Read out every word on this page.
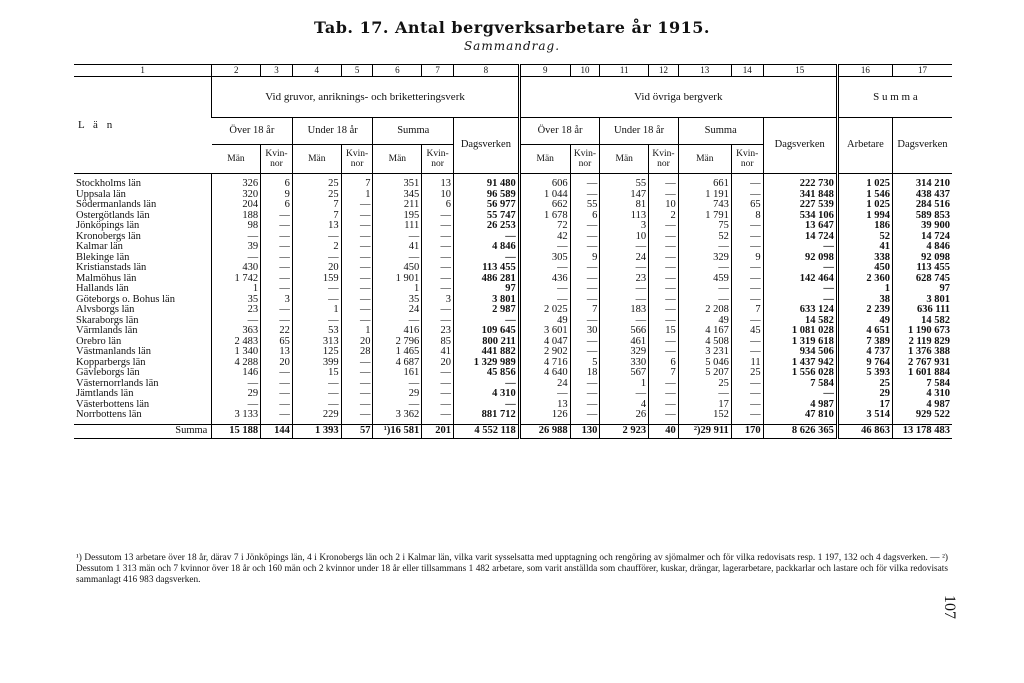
Tab. 17. Antal bergverksarbetare år 1915.
Sammandrag.
1	2	3	4	5	6	7	8	9	10	11	12	13	14	15	16	17
L ä n	Vid gruvor, anriknings- och briketteringsverk							Vid övriga bergverk							S u m m a	
	Över 18 år		Under 18 år		Summa		Dagsverken	Över 18 år		Under 18 år		Summa		Dagsverken	Arbetare	Dagsverken
	Män	Kvin-nor	Män	Kvin-nor	Män	Kvin-nor		Män	Kvin-nor	Män	Kvin-nor	Män	Kvin-nor			
Stockholms län	326	6	25	7	351	13	91 480	606	—	55	—	661	—	222 730	1 025	314 210
Uppsala län	320	9	25	1	345	10	96 589	1 044	—	147	—	1 191	—	341 848	1 546	438 437
Södermanlands län	204	6	7	—	211	6	56 977	662	55	81	10	743	65	227 539	1 025	284 516
Östergötlands län	188	—	7	—	195	—	55 747	1 678	6	113	2	1 791	8	534 106	1 994	589 853
Jönköpings län	98	—	13	—	111	—	26 253	72	—	3	—	75	—	13 647	186	39 900
Kronobergs län	—	—	—	—	—	—	—	42	—	10	—	52	—	14 724	52	14 724
Kalmar län	39	—	2	—	41	—	4 846	—	—	—	—	—	—	—	41	4 846
Blekinge län	—	—	—	—	—	—	—	305	9	24	—	329	9	92 098	338	92 098
Kristianstads län	430	—	20	—	450	—	113 455	—	—	—	—	—	—	—	450	113 455
Malmöhus län	1 742	—	159	—	1 901	—	486 281	436	—	23	—	459	—	142 464	2 360	628 745
Hallands län	1	—	—	—	1	—	97	—	—	—	—	—	—	—	1	97
Göteborgs o. Bohus län	35	3	—	—	35	3	3 801	—	—	—	—	—	—	—	38	3 801
Älvsborgs län	23	—	1	—	24	—	2 987	2 025	7	183	—	2 208	7	633 124	2 239	636 111
Skaraborgs län	—	—	—	—	—	—	—	49	—	—	—	49	—	14 582	49	14 582
Värmlands län	363	22	53	1	416	23	109 645	3 601	30	566	15	4 167	45	1 081 028	4 651	1 190 673
Örebro län	2 483	65	313	20	2 796	85	800 211	4 047	—	461	—	4 508	—	1 319 618	7 389	2 119 829
Västmanlands län	1 340	13	125	28	1 465	41	441 882	2 902	—	329	—	3 231	—	934 506	4 737	1 376 388
Kopparbergs län	4 288	20	399	—	4 687	20	1 329 989	4 716	5	330	6	5 046	11	1 437 942	9 764	2 767 931
Gävleborgs län	146	—	15	—	161	—	45 856	4 640	18	567	7	5 207	25	1 556 028	5 393	1 601 884
Västernorrlands län	—	—	—	—	—	—	—	24	—	1	—	25	—	7 584	25	7 584
Jämtlands län	29	—	—	—	29	—	4 310	—	—	—	—	—	—	—	29	4 310
Västerbottens län	—	—	—	—	—	—	—	13	—	4	—	17	—	4 987	17	4 987
Norrbottens län	3 133	—	229	—	3 362	—	881 712	126	—	26	—	152	—	47 810	3 514	929 522
Summa	15 188	144	1 393	57	¹)16 581	201	4 552 118	26 988	130	2 923	40	²)29 911	170	8 626 365	46 863	13 178 483
¹) Dessutom 13 arbetare över 18 år, därav 7 i Jönköpings län, 4 i Kronobergs län och 2 i Kalmar län, vilka varit sysselsatta med upptagning och rengöring av sjömalmer och för vilka redovisats resp. 1 197, 132 och 4 dagsverken. — ²) Dessutom 1 313 män och 7 kvinnor över 18 år och 160 män och 2 kvinnor under 18 år eller tillsammans 1 482 arbetare, som varit anställda som chaufförer, kuskar, drängar, lagerarbetare, packkarlar och lastare och för vilka redovisats sammanlagt 416 983 dagsverken.
107
